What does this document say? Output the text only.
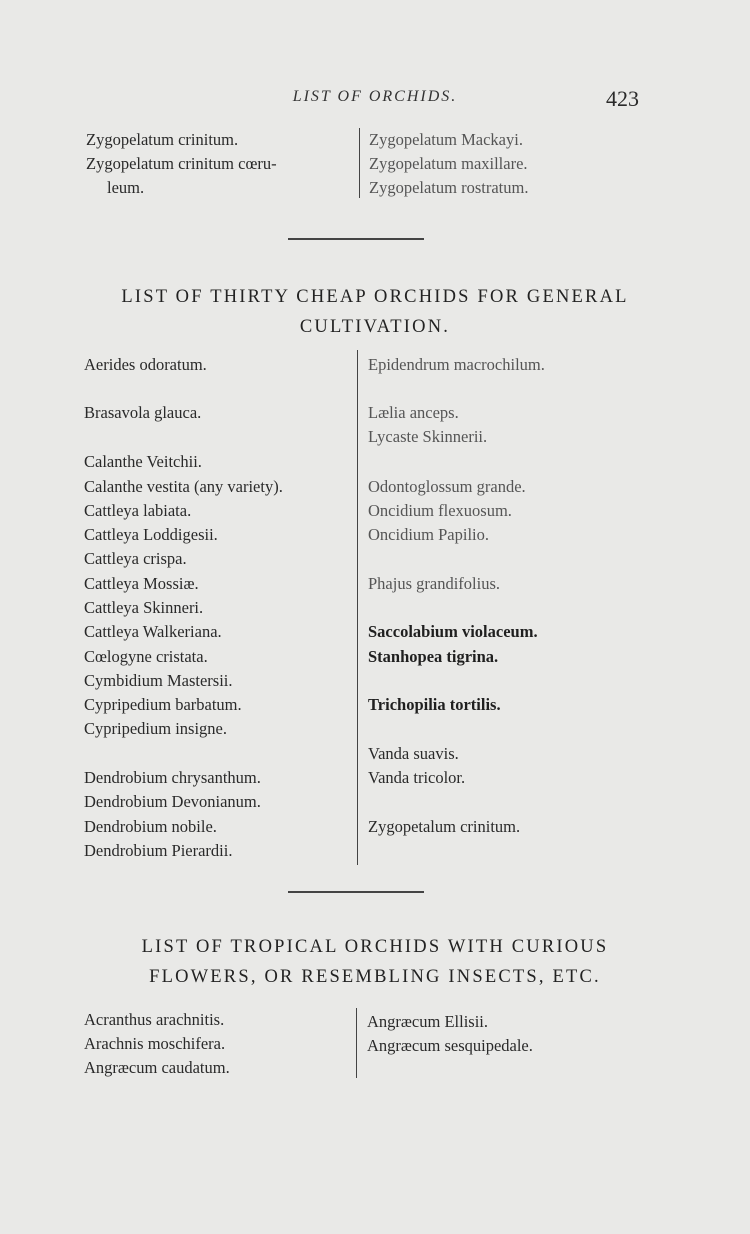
LIST OF ORCHIDS.	423
Zygopelatum crinitum.
Zygopelatum crinitum cœru-
leum.
Zygopelatum Mackayi.
Zygopelatum maxillare.
Zygopelatum rostratum.
LIST OF THIRTY CHEAP ORCHIDS FOR GENERAL
CULTIVATION.
Aerides odoratum.
Brasavola glauca.
Calanthe Veitchii.
Calanthe vestita (any variety).
Cattleya labiata.
Cattleya Loddigesii.
Cattleya crispa.
Cattleya Mossiæ.
Cattleya Skinneri.
Cattleya Walkeriana.
Cœlogyne cristata.
Cymbidium Mastersii.
Cypripedium barbatum.
Cypripedium insigne.
Dendrobium chrysanthum.
Dendrobium Devonianum.
Dendrobium nobile.
Dendrobium Pierardii.
Epidendrum macrochilum.
Lælia anceps.
Lycaste Skinnerii.
Odontoglossum grande.
Oncidium flexuosum.
Oncidium Papilio.
Phajus grandifolius.
Saccolabium violaceum.
Stanhopea tigrina.
Trichopilia tortilis.
Vanda suavis.
Vanda tricolor.
Zygopetalum crinitum.
LIST OF TROPICAL ORCHIDS WITH CURIOUS
FLOWERS, OR RESEMBLING INSECTS, ETC.
Acranthus arachnitis.
Arachnis moschifera.
Angræcum caudatum.
Angræcum Ellisii.
Angræcum sesquipedale.
